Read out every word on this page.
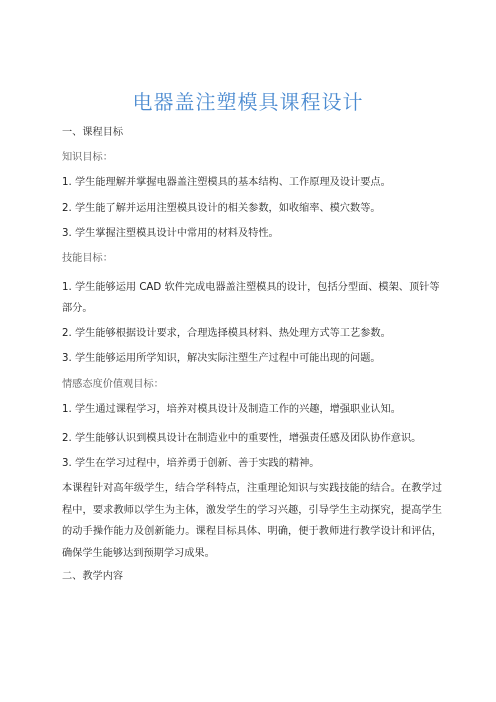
电器盖注塑模具课程设计
一、课程目标
知识目标：
1. 学生能理解并掌握电器盖注塑模具的基本结构、工作原理及设计要点。
2. 学生能了解并运用注塑模具设计的相关参数，如收缩率、模穴数等。
3. 学生掌握注塑模具设计中常用的材料及特性。
技能目标：
1. 学生能够运用 CAD 软件完成电器盖注塑模具的设计，包括分型面、模架、顶针等部分。
2. 学生能够根据设计要求，合理选择模具材料、热处理方式等工艺参数。
3. 学生能够运用所学知识，解决实际注塑生产过程中可能出现的问题。
情感态度价值观目标：
1. 学生通过课程学习，培养对模具设计及制造工作的兴趣，增强职业认知。
2. 学生能够认识到模具设计在制造业中的重要性，增强责任感及团队协作意识。
3. 学生在学习过程中，培养勇于创新、善于实践的精神。
本课程针对高年级学生，结合学科特点，注重理论知识与实践技能的结合。在教学过程中，要求教师以学生为主体，激发学生的学习兴趣，引导学生主动探究，提高学生的动手操作能力及创新能力。课程目标具体、明确，便于教师进行教学设计和评估，确保学生能够达到预期学习成果。
二、教学内容
